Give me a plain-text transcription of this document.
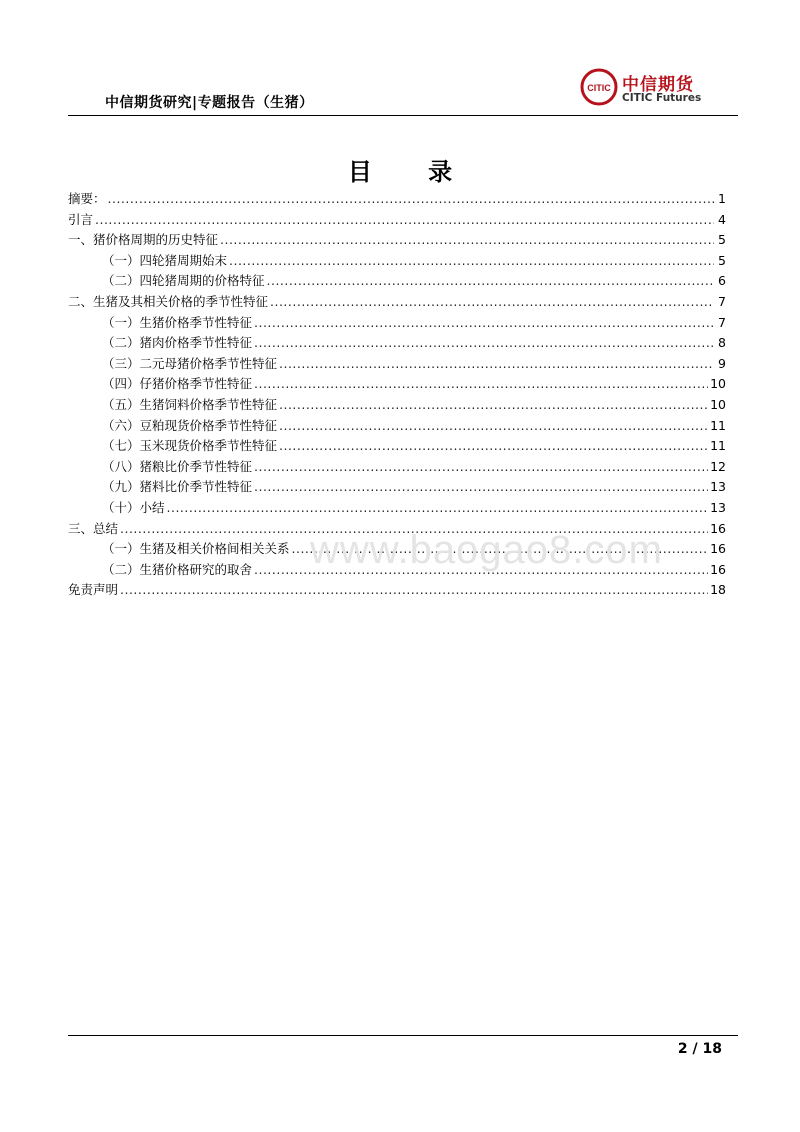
中信期货研究|专题报告（生猪）
CITIC 中信期货
CITIC Futures
目 录
摘要： .....	1
引言 .....	4
一、猪价格周期的历史特征 .....	5
（一）四轮猪周期始末 .....	5
（二）四轮猪周期的价格特征 .....	6
二、生猪及其相关价格的季节性特征 .....	7
（一）生猪价格季节性特征 .....	7
（二）猪肉价格季节性特征 .....	8
（三）二元母猪价格季节性特征 .....	9
（四）仔猪价格季节性特征 .....	10
（五）生猪饲料价格季节性特征 .....	10
（六）豆粕现货价格季节性特征 .....	11
（七）玉米现货价格季节性特征 .....	11
（八）猪粮比价季节性特征 .....	12
（九）猪料比价季节性特征 .....	13
（十）小结 .....	13
三、总结 .....	16
（一）生猪及相关价格间相关关系 .....	16
（二）生猪价格研究的取舍 .....	16
免责声明 .....	18
www.baogao8.com
2 / 18
